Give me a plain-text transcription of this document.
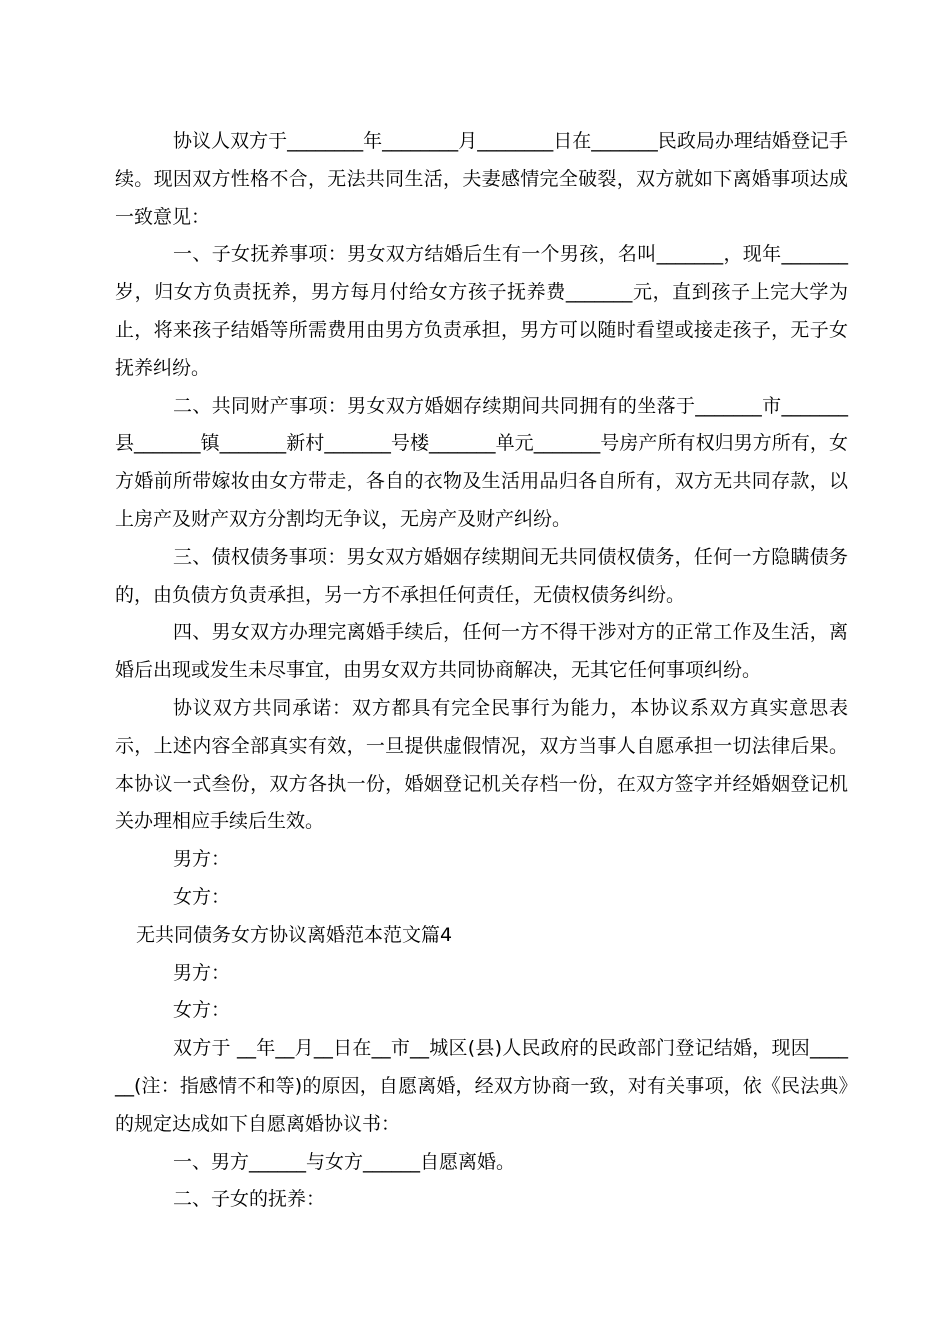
协议人双方于________年________月________日在_______民政局办理结婚登记手续。现因双方性格不合，无法共同生活，夫妻感情完全破裂，双方就如下离婚事项达成一致意见：

一、子女抚养事项：男女双方结婚后生有一个男孩，名叫_______，现年_______岁，归女方负责抚养，男方每月付给女方孩子抚养费_______元，直到孩子上完大学为止，将来孩子结婚等所需费用由男方负责承担，男方可以随时看望或接走孩子，无子女抚养纠纷。

二、共同财产事项：男女双方婚姻存续期间共同拥有的坐落于_______市_______县_______镇_______新村_______号楼_______单元_______号房产所有权归男方所有，女方婚前所带嫁妆由女方带走，各自的衣物及生活用品归各自所有，双方无共同存款，以上房产及财产双方分割均无争议，无房产及财产纠纷。

三、债权债务事项：男女双方婚姻存续期间无共同债权债务，任何一方隐瞒债务的，由负债方负责承担，另一方不承担任何责任，无债权债务纠纷。

四、男女双方办理完离婚手续后，任何一方不得干涉对方的正常工作及生活，离婚后出现或发生未尽事宜，由男女双方共同协商解决，无其它任何事项纠纷。

协议双方共同承诺：双方都具有完全民事行为能力，本协议系双方真实意思表示，上述内容全部真实有效，一旦提供虚假情况，双方当事人自愿承担一切法律后果。本协议一式叁份，双方各执一份，婚姻登记机关存档一份，在双方签字并经婚姻登记机关办理相应手续后生效。

男方：

女方：

无共同债务女方协议离婚范本范文篇4

男方：

女方：

双方于 __年__月__日在__市__城区(县)人民政府的民政部门登记结婚，现因______(注：指感情不和等)的原因，自愿离婚，经双方协商一致，对有关事项，依《民法典》的规定达成如下自愿离婚协议书：

一、男方______与女方______自愿离婚。

二、子女的抚养：
